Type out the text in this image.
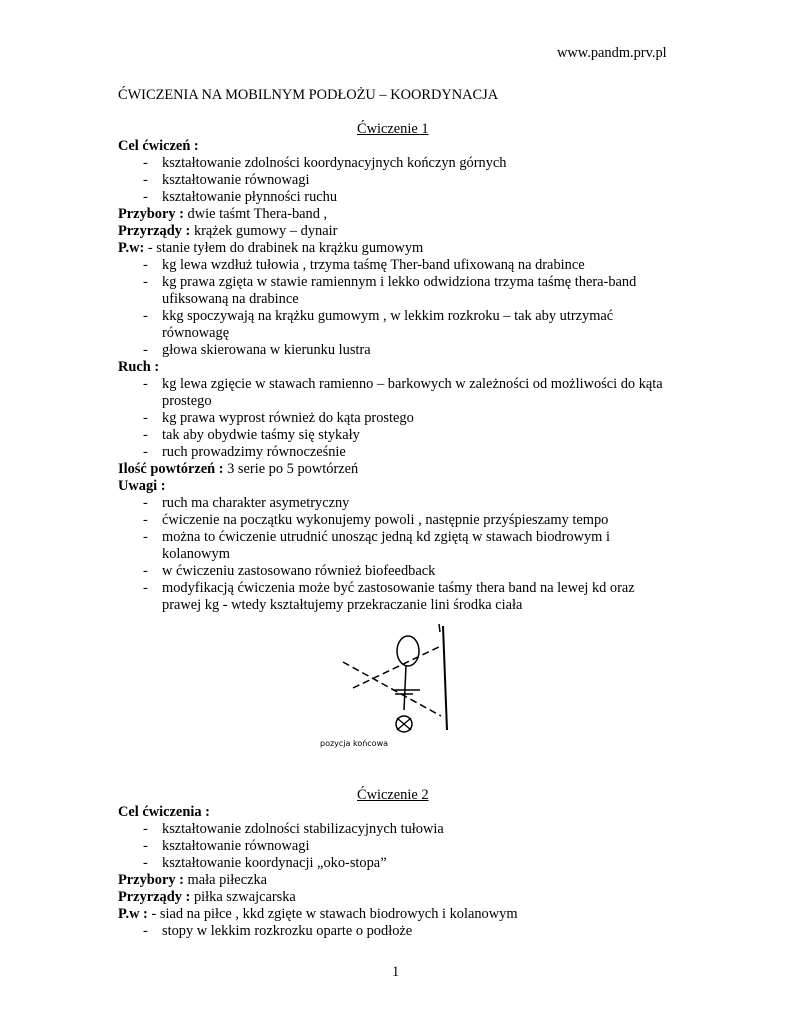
www.pandm.prv.pl
ĆWICZENIA NA MOBILNYM PODŁOŻU – KOORDYNACJA
Ćwiczenie 1
Cel ćwiczeń :
- kształtowanie zdolności koordynacyjnych kończyn górnych
- kształtowanie równowagi
- kształtowanie płynności ruchu
Przybory : dwie taśmt Thera-band ,
Przyrządy : krążek gumowy – dynair
P.w: - stanie tyłem do drabinek na krążku gumowym
- kg lewa wzdłuż tułowia , trzyma taśmę Ther-band ufixowaną na drabince
- kg prawa zgięta w stawie ramiennym i lekko odwidziona trzyma taśmę thera-band
ufiksowaną na drabince
- kkg spoczywają na krążku gumowym , w lekkim rozkroku – tak aby utrzymać
równowagę
- głowa skierowana w kierunku lustra
Ruch :
- kg lewa zgięcie w stawach ramienno – barkowych w zależności od możliwości do kąta
prostego
- kg prawa wyprost również do kąta prostego
- tak aby obydwie taśmy się stykały
- ruch prowadzimy równocześnie
Ilość powtórzeń : 3 serie po 5 powtórzeń
Uwagi :
- ruch ma charakter asymetryczny
- ćwiczenie na początku wykonujemy powoli , następnie przyśpieszamy tempo
- można to ćwiczenie utrudnić unosząc jedną kd zgiętą w stawach biodrowym i
kolanowym
- w ćwiczeniu zastosowano również biofeedback
- modyfikacją ćwiczenia może być zastosowanie taśmy thera band na lewej kd oraz
prawej kg - wtedy kształtujemy przekraczanie lini środka ciała
pozycja końcowa
Ćwiczenie 2
Cel ćwiczenia :
- kształtowanie zdolności stabilizacyjnych tułowia
- kształtowanie równowagi
- kształtowanie koordynacji „oko-stopa”
Przybory : mała piłeczka
Przyrządy : piłka szwajcarska
P.w : - siad na piłce , kkd zgięte w stawach biodrowych i kolanowym
- stopy w lekkim rozkrozku oparte o podłoże
1
